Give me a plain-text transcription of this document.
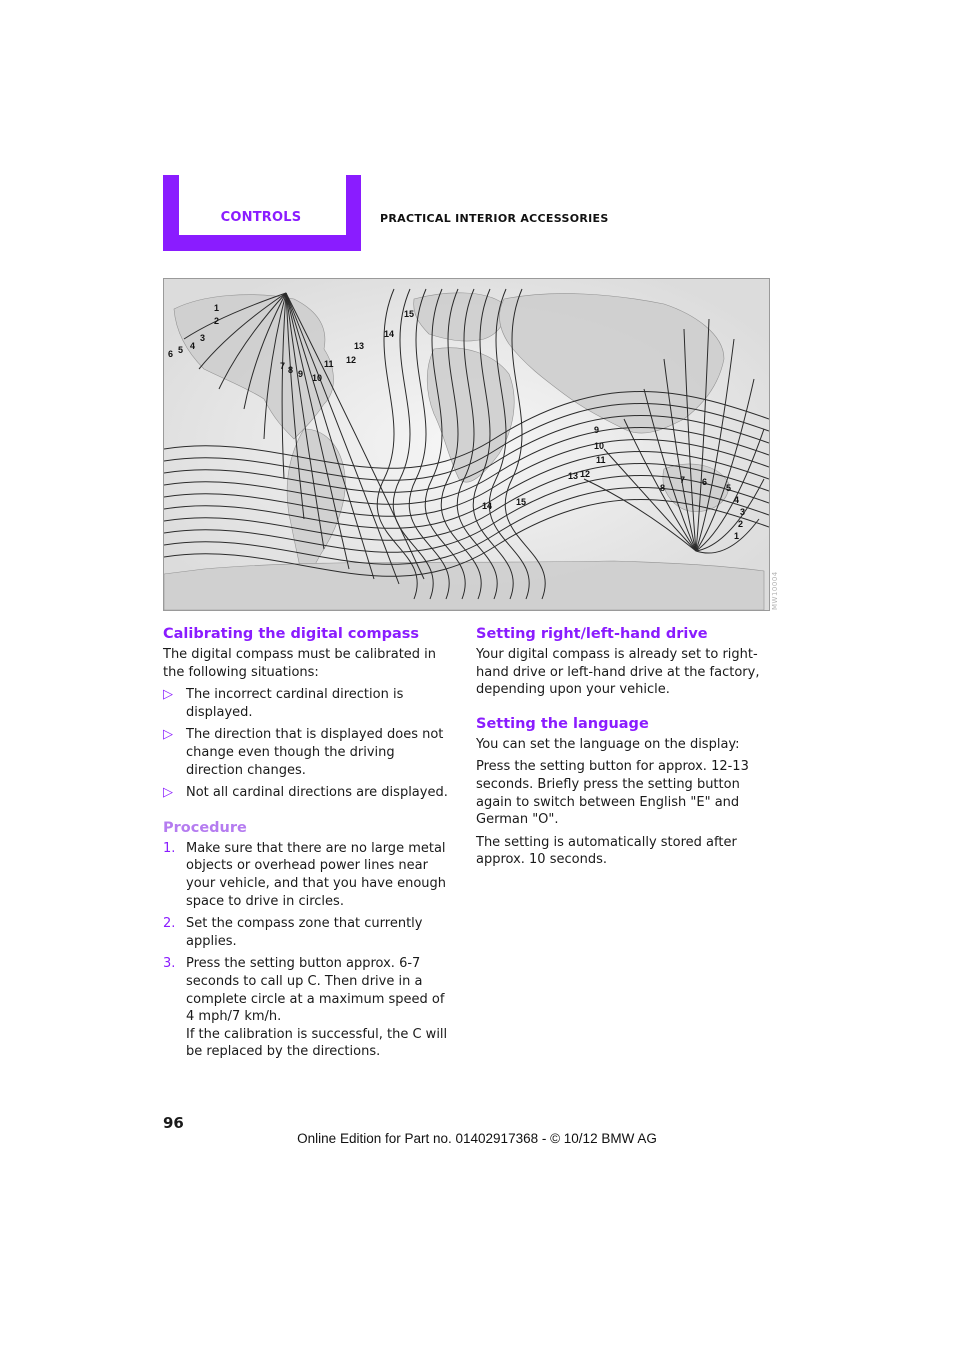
CONTROLS	PRACTICAL INTERIOR ACCESSORIES
1
2
3
4
5
6
7 8 9 10
11 12
13
14
15
1
2
3
4
5
6
7
8
9
10
11
12
13
14	15
MW10004
Calibrating the digital compass

The digital compass must be calibrated in the following situations:

▷ The incorrect cardinal direction is displayed.
▷ The direction that is displayed does not change even though the driving direction changes.
▷ Not all cardinal directions are displayed.
Procedure
1. Make sure that there are no large metal objects or overhead power lines near your vehicle, and that you have enough space to drive in circles.
2. Set the compass zone that currently applies.
3. Press the setting button approx. 6-7 seconds to call up C. Then drive in a complete circle at a maximum speed of 4 mph/7 km/h.
If the calibration is successful, the C will be replaced by the directions.
Setting right/left-hand drive

Your digital compass is already set to right-hand drive or left-hand drive at the factory, depending upon your vehicle.

Setting the language

You can set the language on the display:

Press the setting button for approx. 12-13 seconds. Briefly press the setting button again to switch between English "E" and German "O".

The setting is automatically stored after approx. 10 seconds.

96
Online Edition for Part no. 01402917368 - © 10/12 BMW AG
